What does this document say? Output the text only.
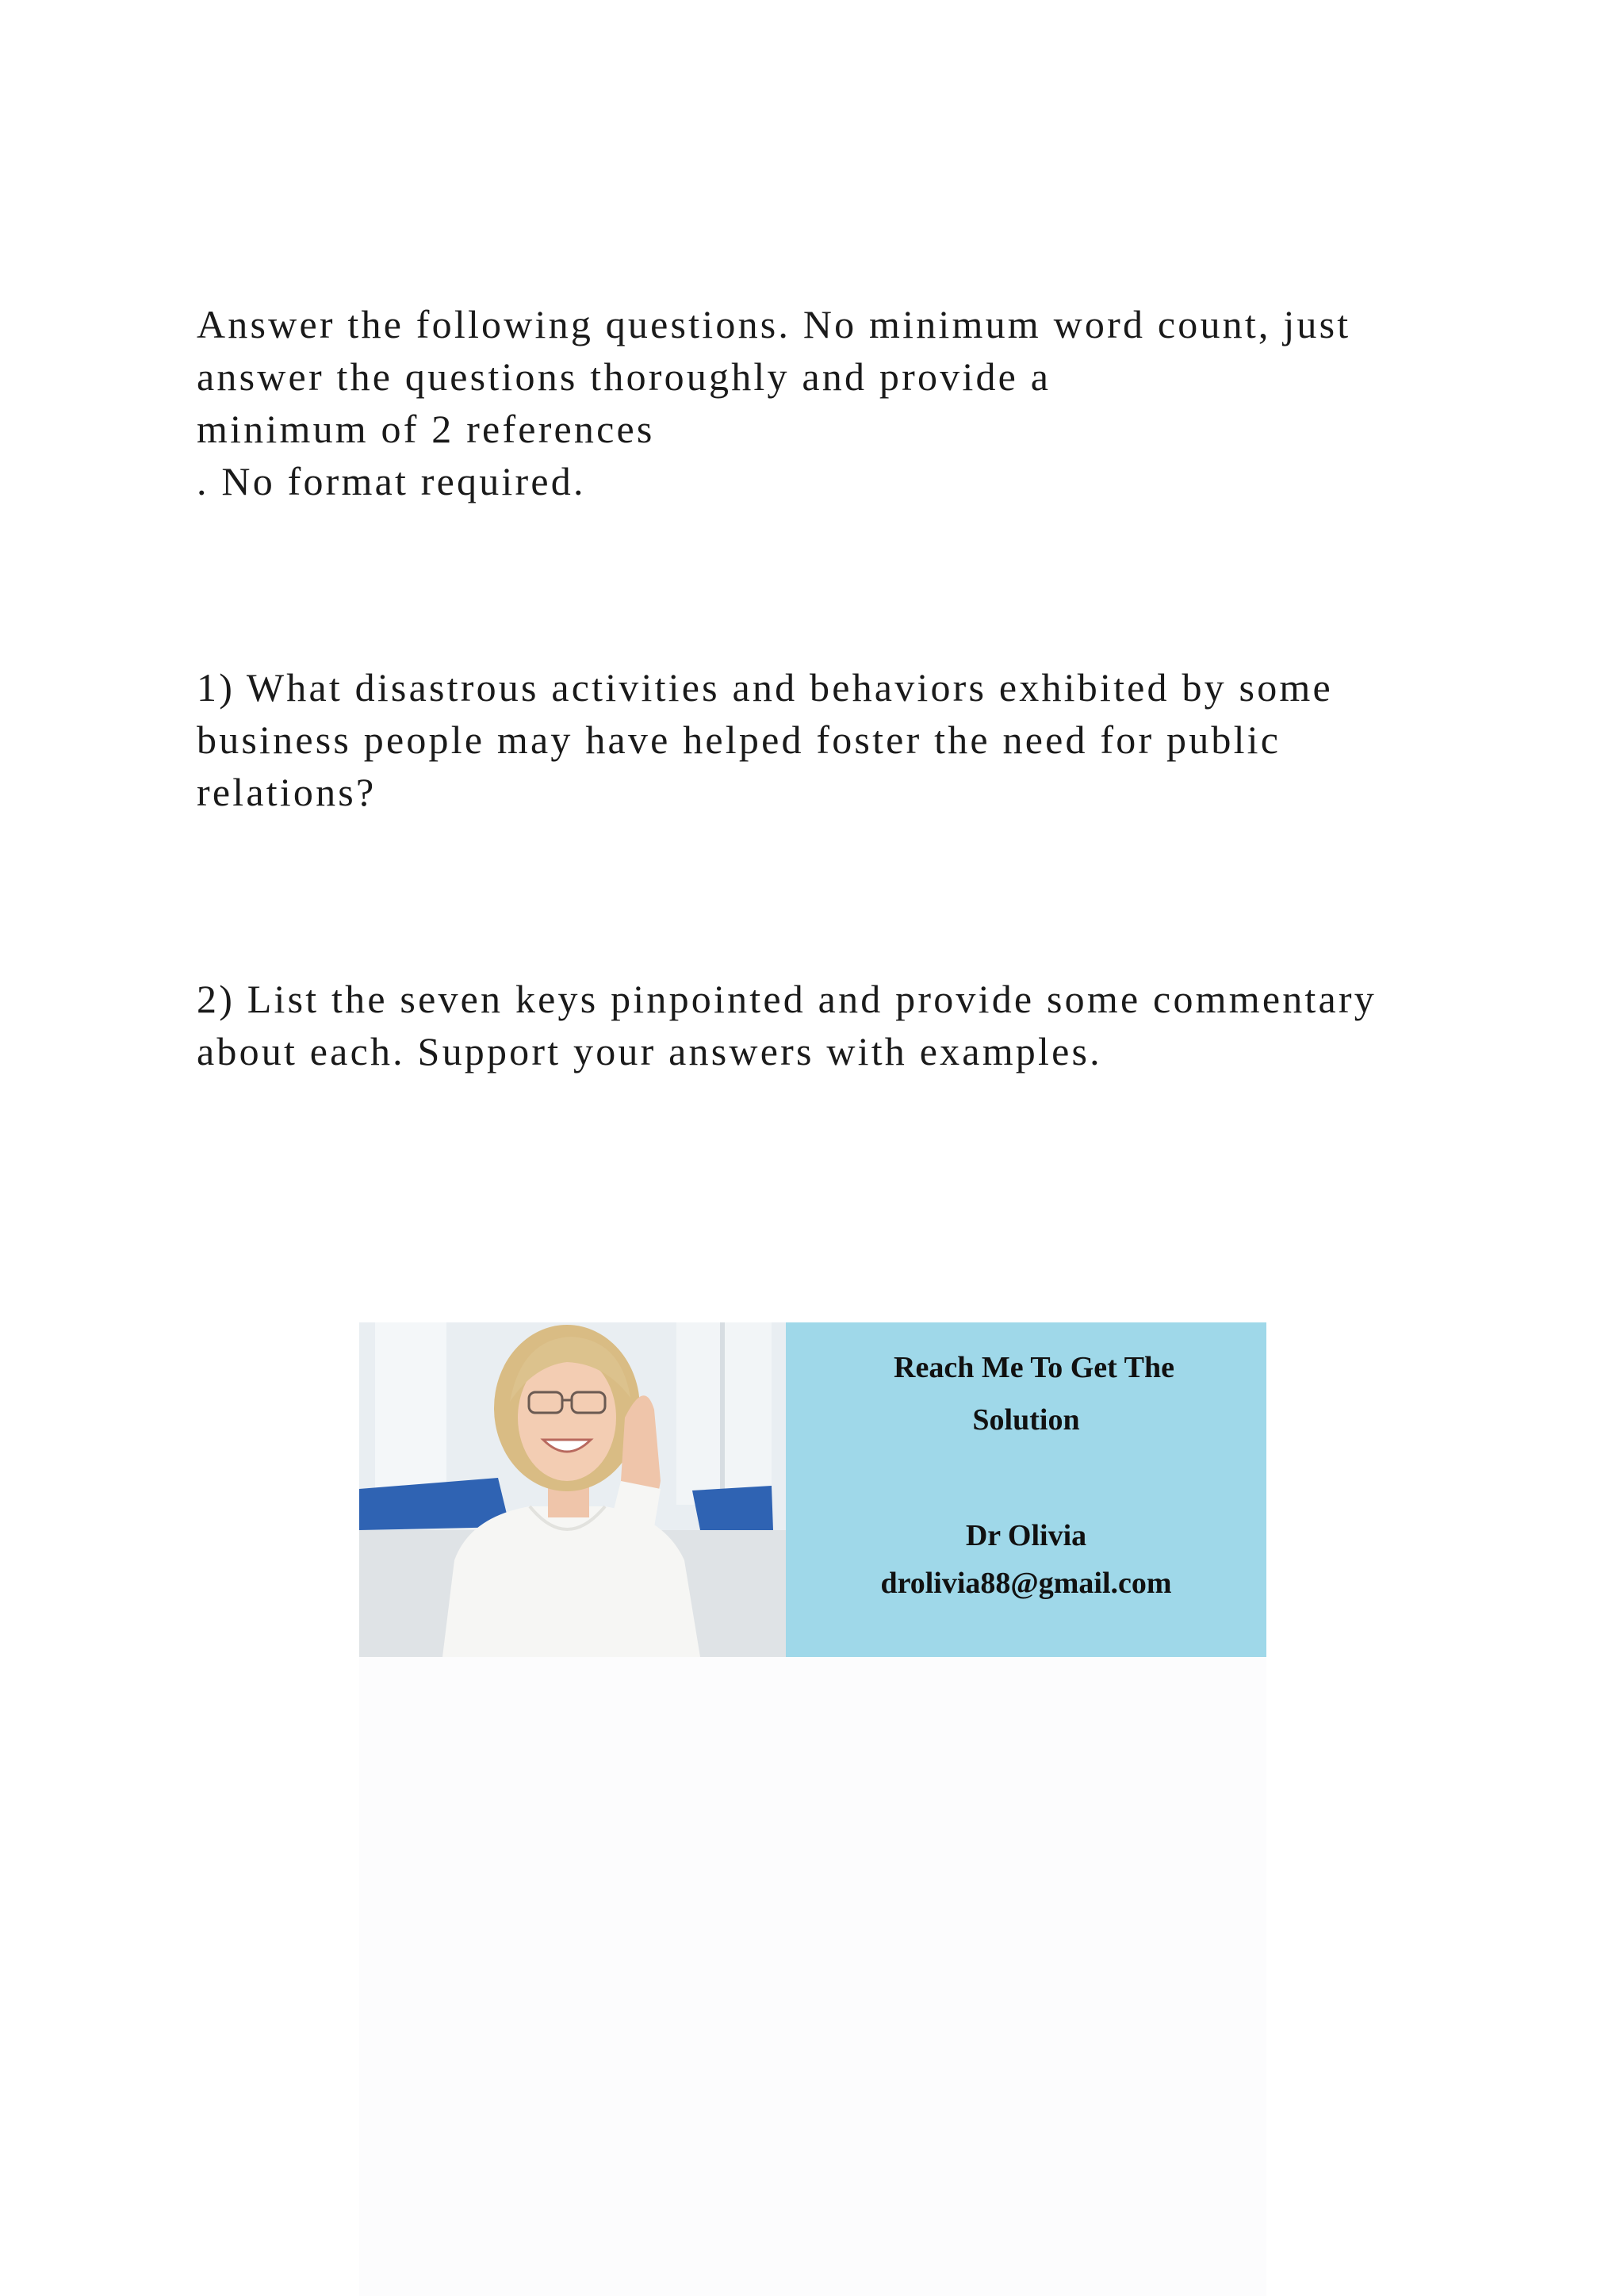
Answer the following questions. No minimum word count, just
answer the questions thoroughly and provide a
minimum of 2 references
. No format required.
1) What disastrous activities and behaviors exhibited by some
business people may have helped foster the need for public
relations?
2) List the seven keys pinpointed and provide some commentary
about each. Support your answers with examples.
Reach Me To Get The
Solution
Dr Olivia
drolivia88@gmail.com
